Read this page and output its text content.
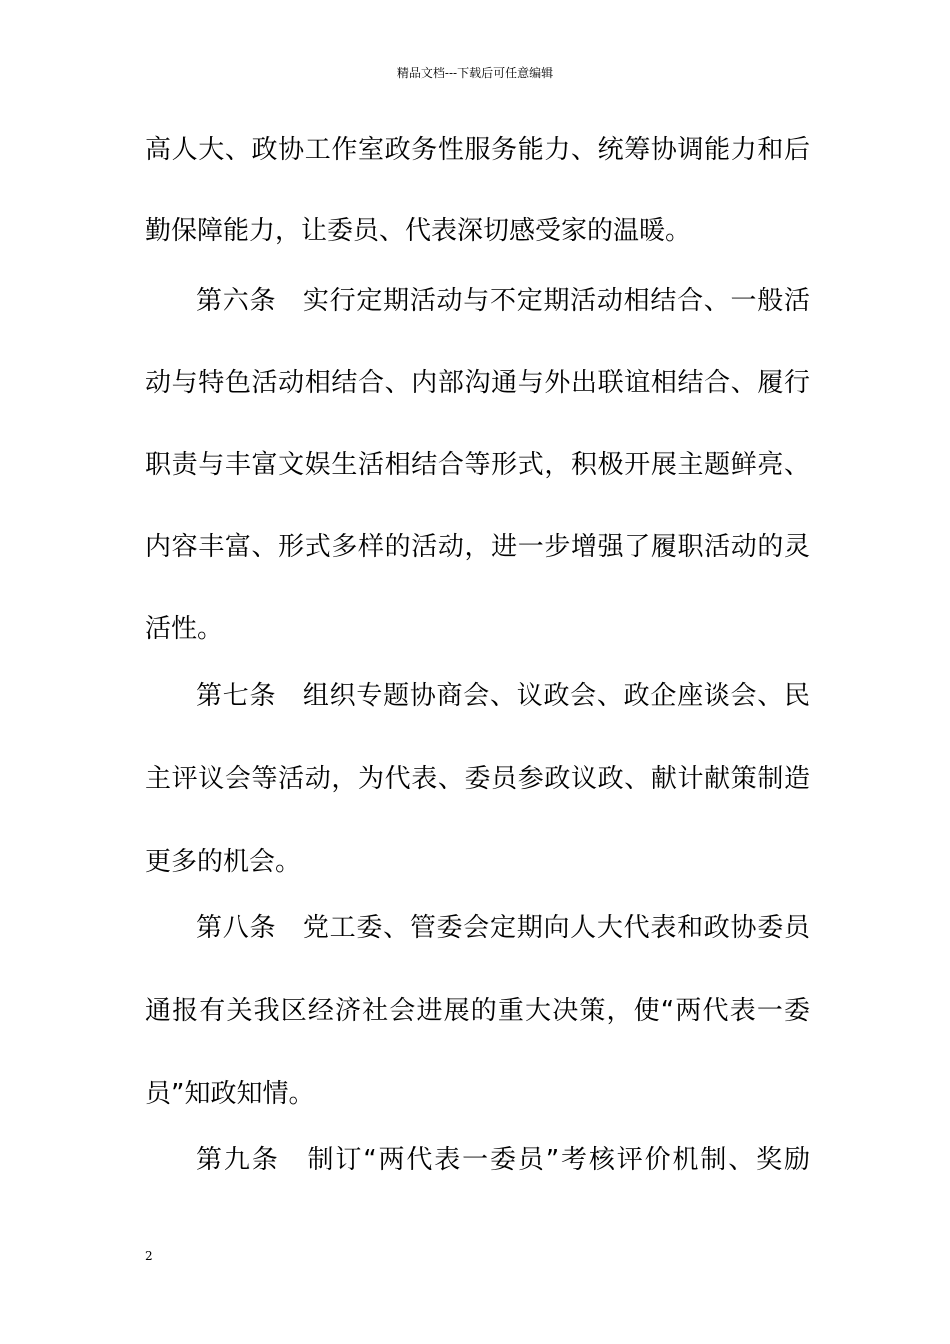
精品文档---下载后可任意编辑
高人大、政协工作室政务性服务能力、统筹协调能力和后
勤保障能力，让委员、代表深切感受家的温暖。
第六条　实行定期活动与不定期活动相结合、一般活
动与特色活动相结合、内部沟通与外出联谊相结合、履行
职责与丰富文娱生活相结合等形式，积极开展主题鲜亮、
内容丰富、形式多样的活动，进一步增强了履职活动的灵
活性。
第七条　组织专题协商会、议政会、政企座谈会、民
主评议会等活动，为代表、委员参政议政、献计献策制造
更多的机会。
第八条　党工委、管委会定期向人大代表和政协委员
通报有关我区经济社会进展的重大决策，使“两代表一委
员”知政知情。
第九条　制订“两代表一委员”考核评价机制、奖励
2
